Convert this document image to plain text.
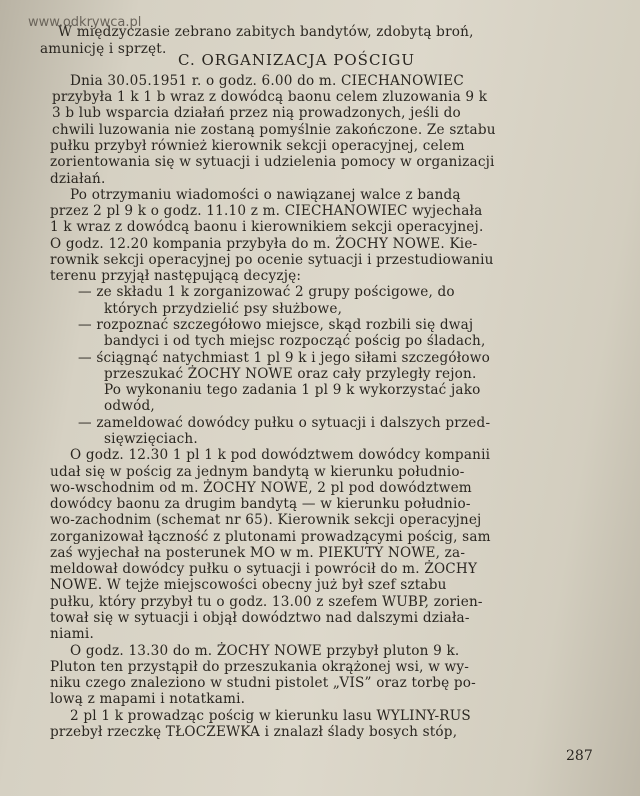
www.odkrywca.pl
W międzyczasie zebrano zabitych bandytów, zdobytą broń,
amunicję i sprzęt.
C. ORGANIZACJA POŚCIGU
Dnia 30.05.1951 r. o godz. 6.00 do m. CIECHANOWIEC
przybyła 1 k 1 b wraz z dowódcą baonu celem zluzowania 9 k
3 b lub wsparcia działań przez nią prowadzonych, jeśli do
chwili luzowania nie zostaną pomyślnie zakończone. Ze sztabu
pułku przybył również kierownik sekcji operacyjnej, celem
zorientowania się w sytuacji i udzielenia pomocy w organizacji
działań.
Po otrzymaniu wiadomości o nawiązanej walce z bandą
przez 2 pl 9 k o godz. 11.10 z m. CIECHANOWIEC wyjechała
1 k wraz z dowódcą baonu i kierownikiem sekcji operacyjnej.
O godz. 12.20 kompania przybyła do m. ŻOCHY NOWE. Kie-
rownik sekcji operacyjnej po ocenie sytuacji i przestudiowaniu
terenu przyjął następującą decyzję:
— ze składu 1 k zorganizować 2 grupy pościgowe, do
których przydzielić psy służbowe,
— rozpoznać szczegółowo miejsce, skąd rozbili się dwaj
bandyci i od tych miejsc rozpocząć pościg po śladach,
— ściągnąć natychmiast 1 pl 9 k i jego siłami szczegółowo
przeszukać ŻOCHY NOWE oraz cały przyległy rejon.
Po wykonaniu tego zadania 1 pl 9 k wykorzystać jako
odwód,
— zameldować dowódcy pułku o sytuacji i dalszych przed-
sięwzięciach.
O godz. 12.30 1 pl 1 k pod dowództwem dowódcy kompanii
udał się w pościg za jednym bandytą w kierunku południo-
wo-wschodnim od m. ŻOCHY NOWE, 2 pl pod dowództwem
dowódcy baonu za drugim bandytą — w kierunku południo-
wo-zachodnim (schemat nr 65). Kierownik sekcji operacyjnej
zorganizował łączność z plutonami prowadzącymi pościg, sam
zaś wyjechał na posterunek MO w m. PIEKUTY NOWE, za-
meldował dowódcy pułku o sytuacji i powrócił do m. ŻOCHY
NOWE. W tejże miejscowości obecny już był szef sztabu
pułku, który przybył tu o godz. 13.00 z szefem WUBP, zorien-
tował się w sytuacji i objął dowództwo nad dalszymi działa-
niami.
O godz. 13.30 do m. ŻOCHY NOWE przybył pluton 9 k.
Pluton ten przystąpił do przeszukania okrążonej wsi, w wy-
niku czego znaleziono w studni pistolet „VIS” oraz torbę po-
lową z mapami i notatkami.
2 pl 1 k prowadząc pościg w kierunku lasu WYLINY-RUS
przebył rzeczkę TŁOCZEWKA i znalazł ślady bosych stóp,
287
